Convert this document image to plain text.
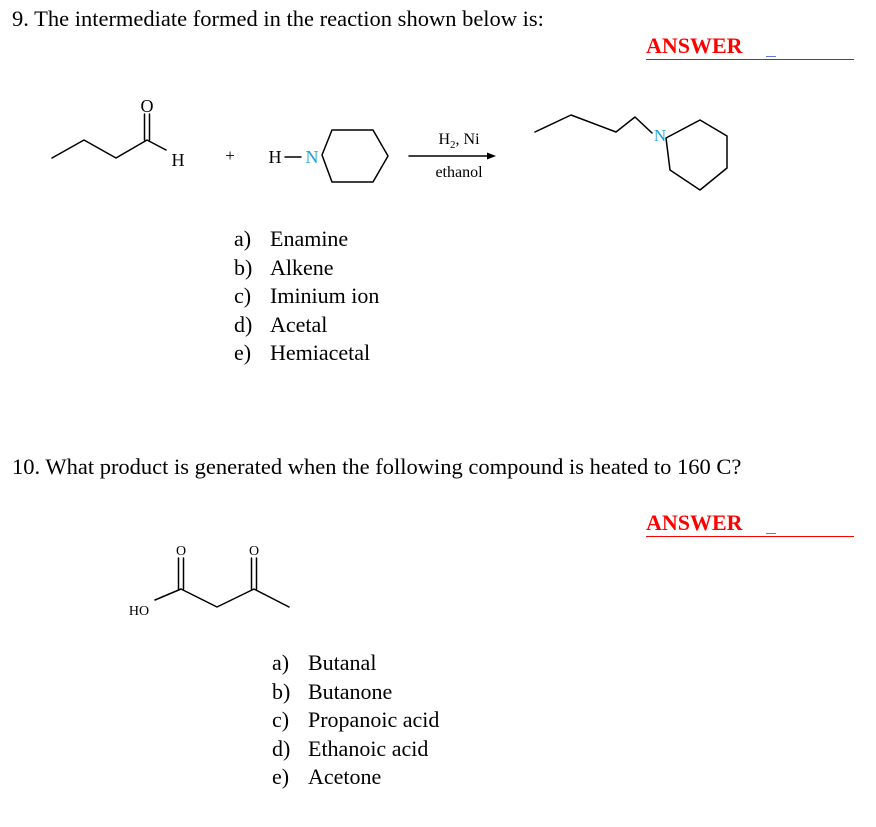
9. The intermediate formed in the reaction shown below is:
ANSWER
O
H + H N
$H_2$, Ni
ethanol
N
a) Enamine
b) Alkene
c) Iminium ion
d) Acetal
e) Hemiacetal
10. What product is generated when the following compound is heated to 160 C?
ANSWER
O	O
HO
a) Butanal
b) Butanone
c) Propanoic acid
d) Ethanoic acid
e) Acetone
